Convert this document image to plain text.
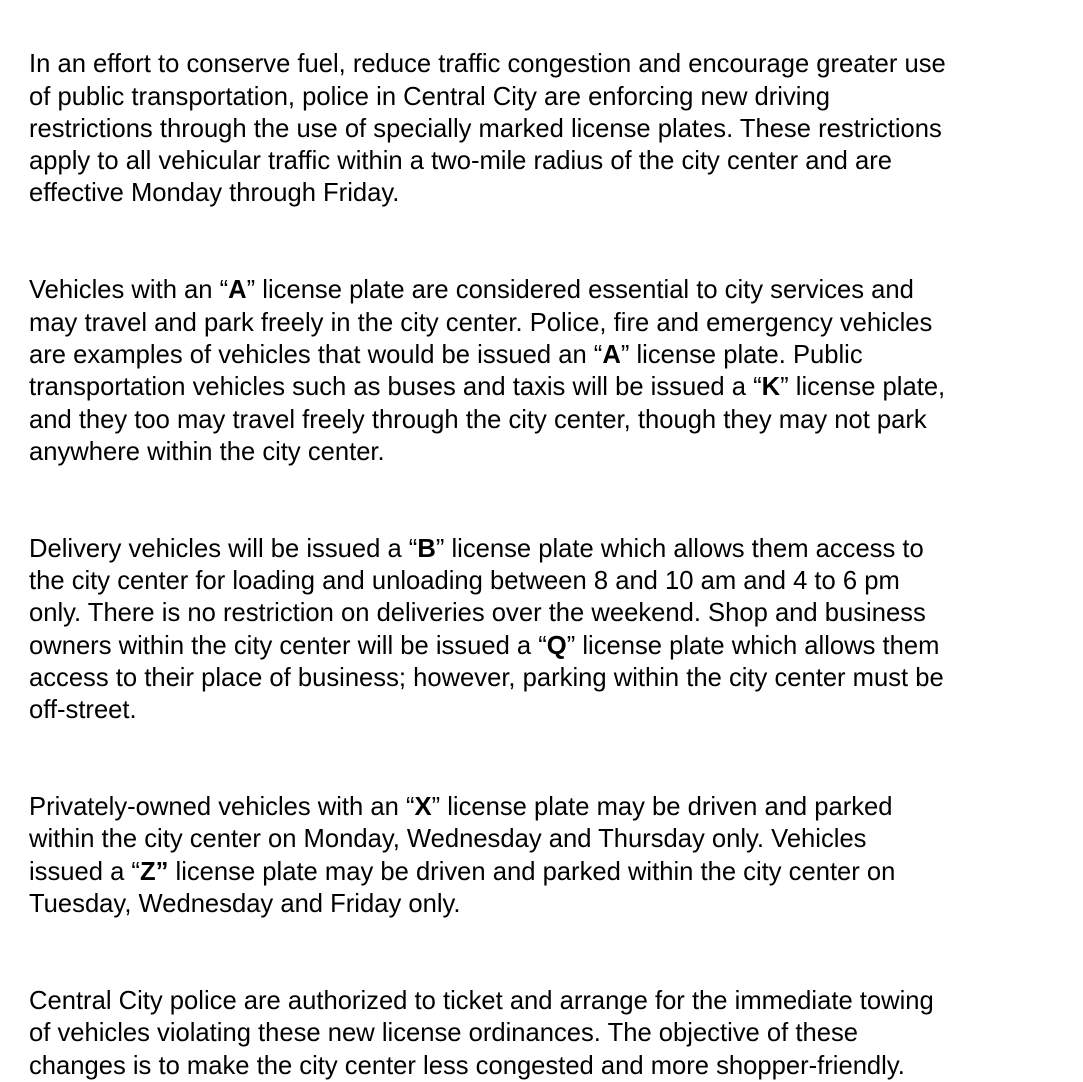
In an effort to conserve fuel, reduce traffic congestion and encourage greater use
of public transportation, police in Central City are enforcing new driving
restrictions through the use of specially marked license plates. These restrictions
apply to all vehicular traffic within a two-mile radius of the city center and are
effective Monday through Friday.

Vehicles with an “A” license plate are considered essential to city services and
may travel and park freely in the city center. Police, fire and emergency vehicles
are examples of vehicles that would be issued an “A” license plate. Public
transportation vehicles such as buses and taxis will be issued a “K” license plate,
and they too may travel freely through the city center, though they may not park
anywhere within the city center.

Delivery vehicles will be issued a “B” license plate which allows them access to
the city center for loading and unloading between 8 and 10 am and 4 to 6 pm
only. There is no restriction on deliveries over the weekend. Shop and business
owners within the city center will be issued a “Q” license plate which allows them
access to their place of business; however, parking within the city center must be
off-street.

Privately-owned vehicles with an “X” license plate may be driven and parked
within the city center on Monday, Wednesday and Thursday only. Vehicles
issued a “Z” license plate may be driven and parked within the city center on
Tuesday, Wednesday and Friday only.

Central City police are authorized to ticket and arrange for the immediate towing
of vehicles violating these new license ordinances. The objective of these
changes is to make the city center less congested and more shopper-friendly.
